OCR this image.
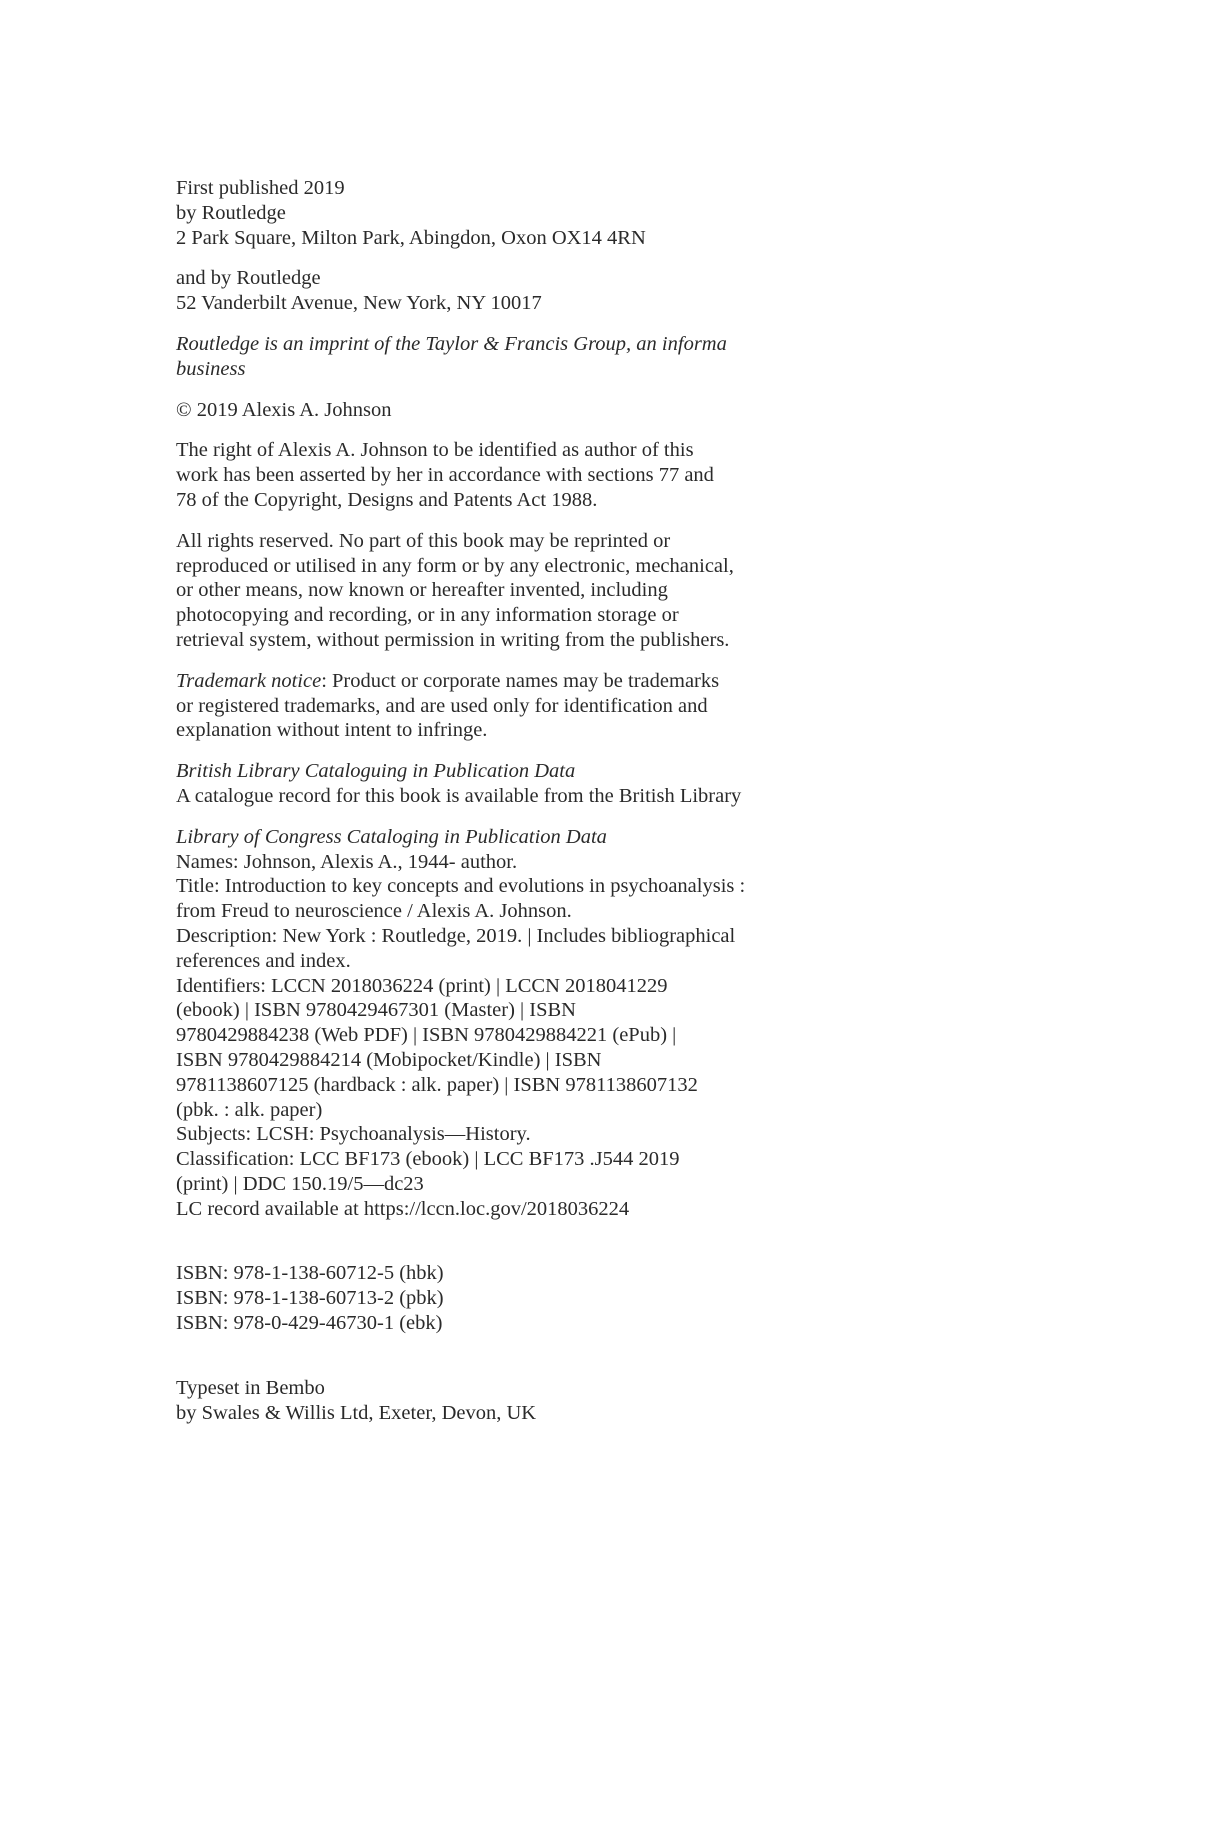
First published 2019

by Routledge

2 Park Square, Milton Park, Abingdon, Oxon OX14 4RN

and by Routledge

52 Vanderbilt Avenue, New York, NY 10017

Routledge is an imprint of the Taylor & Francis Group, an informa business

© 2019 Alexis A. Johnson

The right of Alexis A. Johnson to be identified as author of this

work has been asserted by her in accordance with sections 77 and

78 of the Copyright, Designs and Patents Act 1988.

All rights reserved. No part of this book may be reprinted or

reproduced or utilised in any form or by any electronic, mechanical,

or other means, now known or hereafter invented, including

photocopying and recording, or in any information storage or

retrieval system, without permission in writing from the publishers.

Trademark notice: Product or corporate names may be trademarks

or registered trademarks, and are used only for identification and

explanation without intent to infringe.

British Library Cataloguing in Publication Data

A catalogue record for this book is available from the British Library

Library of Congress Cataloging in Publication Data

Names: Johnson, Alexis A., 1944- author.

Title: Introduction to key concepts and evolutions in psychoanalysis :

from Freud to neuroscience / Alexis A. Johnson.

Description: New York : Routledge, 2019. | Includes bibliographical

references and index.

Identifiers: LCCN 2018036224 (print) | LCCN 2018041229

(ebook) | ISBN 9780429467301 (Master) | ISBN

9780429884238 (Web PDF) | ISBN 9780429884221 (ePub) |

ISBN 9780429884214 (Mobipocket/Kindle) | ISBN

9781138607125 (hardback : alk. paper) | ISBN 9781138607132

(pbk. : alk. paper)

Subjects: LCSH: Psychoanalysis—History.

Classification: LCC BF173 (ebook) | LCC BF173 .J544 2019

(print) | DDC 150.19/5—dc23

LC record available at https://lccn.loc.gov/2018036224

ISBN: 978-1-138-60712-5 (hbk)

ISBN: 978-1-138-60713-2 (pbk)

ISBN: 978-0-429-46730-1 (ebk)

Typeset in Bembo

by Swales & Willis Ltd, Exeter, Devon, UK
